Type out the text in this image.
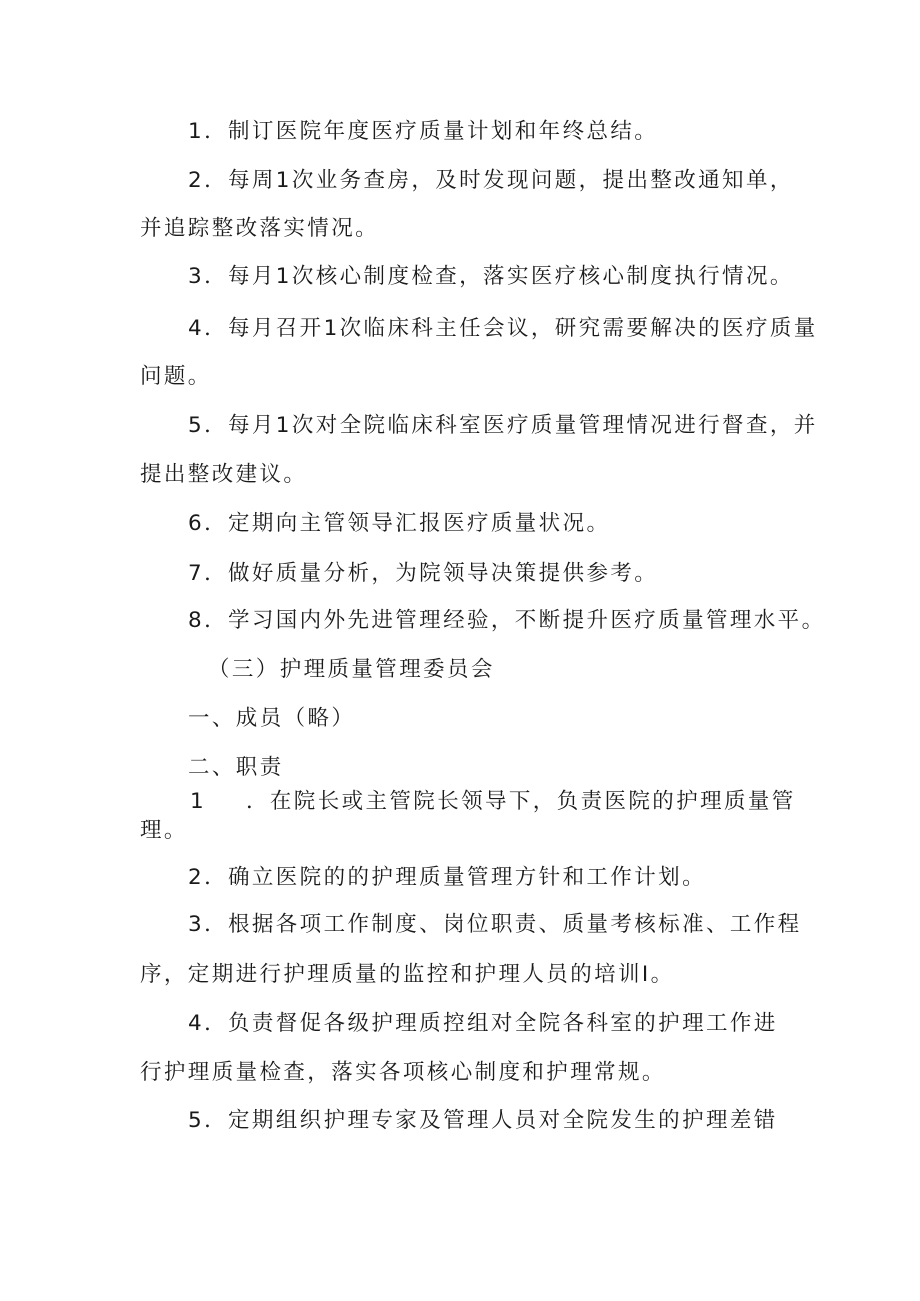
1．制订医院年度医疗质量计划和年终总结。
2．每周1次业务查房，及时发现问题，提出整改通知单，
并追踪整改落实情况。
3．每月1次核心制度检查，落实医疗核心制度执行情况。
4．每月召开1次临床科主任会议，研究需要解决的医疗质量
问题。
5．每月1次对全院临床科室医疗质量管理情况进行督查，并
提出整改建议。
6．定期向主管领导汇报医疗质量状况。
7．做好质量分析，为院领导决策提供参考。
8．学习国内外先进管理经验，不断提升医疗质量管理水平。
（三）护理质量管理委员会
一、成员（略）
二、职责
1 ．在院长或主管院长领导下，负责医院的护理质量管
理。
2．确立医院的的护理质量管理方针和工作计划。
3．根据各项工作制度、岗位职责、质量考核标准、工作程
序，定期进行护理质量的监控和护理人员的培训I。
4．负责督促各级护理质控组对全院各科室的护理工作进
行护理质量检查，落实各项核心制度和护理常规。
5．定期组织护理专家及管理人员对全院发生的护理差错
